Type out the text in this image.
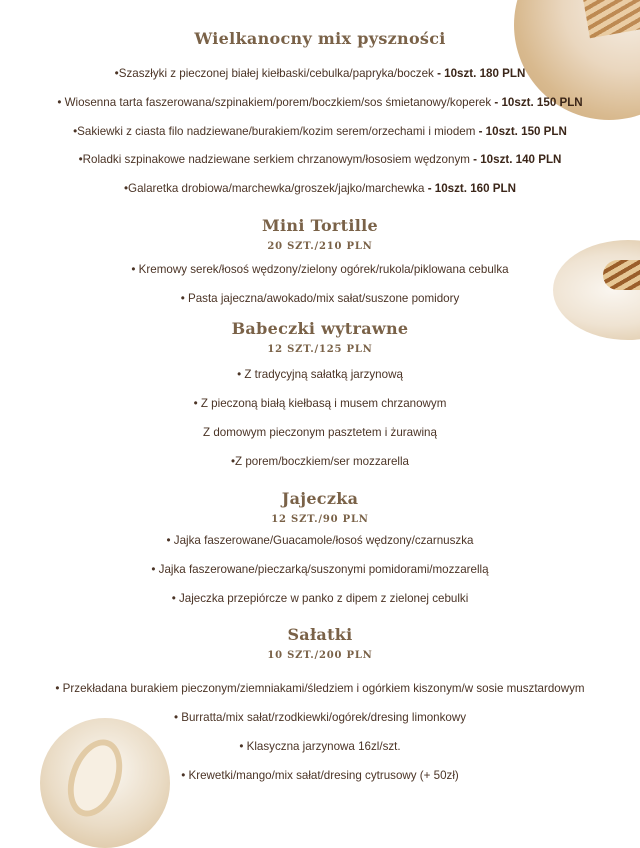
Wielkanocny mix pyszności
•Szaszłyki z pieczonej białej kiełbaski/cebulka/papryka/boczek - 10szt. 180 PLN
• Wiosenna tarta faszerowana/szpinakiem/porem/boczkiem/sos śmietanowy/koperek - 10szt. 150 PLN
•Sakiewki z ciasta filo nadziewane/burakiem/kozim serem/orzechami i miodem - 10szt. 150 PLN
•Roladki szpinakowe nadziewane serkiem chrzanowym/łososiem wędzonym - 10szt. 140 PLN
•Galaretka drobiowa/marchewka/groszek/jajko/marchewka - 10szt. 160 PLN
Mini Tortille
20 SZT./210 PLN
• Kremowy serek/łosoś wędzony/zielony ogórek/rukola/piklowana cebulka
• Pasta jajeczna/awokado/mix sałat/suszone pomidory
Babeczki wytrawne
12 SZT./125 PLN
• Z tradycyjną sałatką jarzynową
• Z pieczoną białą kiełbasą i musem chrzanowym
Z domowym pieczonym pasztetem i żurawiną
•Z porem/boczkiem/ser mozzarella
Jajeczka
12 SZT./90 PLN
• Jajka faszerowane/Guacamole/łosoś wędzony/czarnuszka
• Jajka faszerowane/pieczarką/suszonymi pomidorami/mozzarellą
• Jajeczka przepiórcze w panko z dipem z zielonej cebulki
Sałatki
10 SZT./200 PLN
• Przekładana burakiem pieczonym/ziemniakami/śledziem i ogórkiem kiszonym/w sosie musztardowym
• Burratta/mix sałat/rzodkiewki/ogórek/dresing limonkowy
• Klasyczna jarzynowa 16zl/szt.
• Krewetki/mango/mix sałat/dresing cytrusowy (+ 50zł)
